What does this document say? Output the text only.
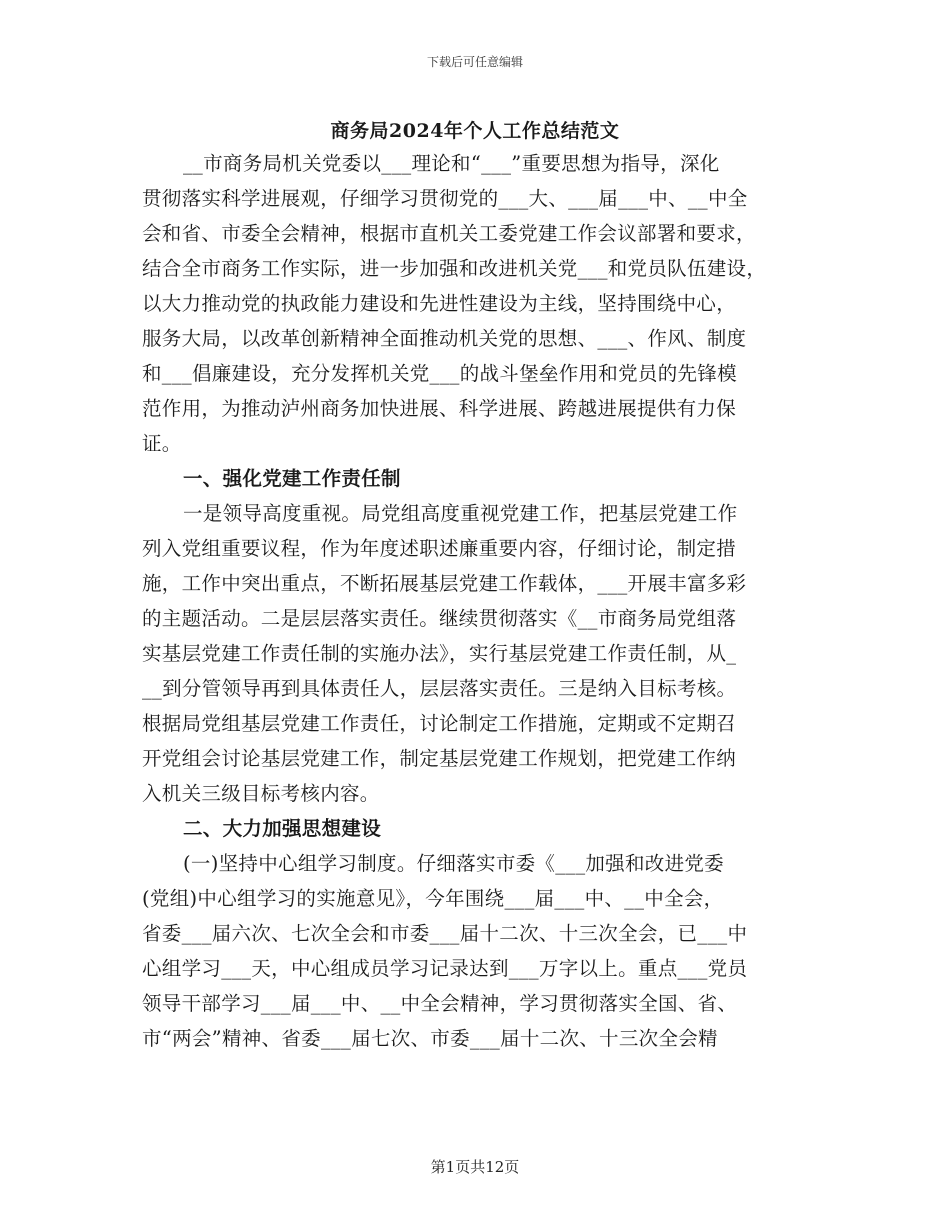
下载后可任意编辑
商务局2024年个人工作总结范文
__市商务局机关党委以___理论和“___”重要思想为指导，深化
贯彻落实科学进展观，仔细学习贯彻党的___大、___届___中、__中全
会和省、市委全会精神，根据市直机关工委党建工作会议部署和要求，
结合全市商务工作实际，进一步加强和改进机关党___和党员队伍建设，
以大力推动党的执政能力建设和先进性建设为主线，坚持围绕中心，
服务大局，以改革创新精神全面推动机关党的思想、___、作风、制度
和___倡廉建设，充分发挥机关党___的战斗堡垒作用和党员的先锋模
范作用，为推动泸州商务加快进展、科学进展、跨越进展提供有力保
证。
一、强化党建工作责任制
一是领导高度重视。局党组高度重视党建工作，把基层党建工作
列入党组重要议程，作为年度述职述廉重要内容，仔细讨论，制定措
施，工作中突出重点，不断拓展基层党建工作载体，___开展丰富多彩
的主题活动。二是层层落实责任。继续贯彻落实《__市商务局党组落
实基层党建工作责任制的实施办法》，实行基层党建工作责任制，从_
__到分管领导再到具体责任人，层层落实责任。三是纳入目标考核。
根据局党组基层党建工作责任，讨论制定工作措施，定期或不定期召
开党组会讨论基层党建工作，制定基层党建工作规划，把党建工作纳
入机关三级目标考核内容。
二、大力加强思想建设
(一)坚持中心组学习制度。仔细落实市委《___加强和改进党委
(党组)中心组学习的实施意见》，今年围绕___届___中、__中全会，
省委___届六次、七次全会和市委___届十二次、十三次全会，已___中
心组学习___天，中心组成员学习记录达到___万字以上。重点___党员
领导干部学习___届___中、__中全会精神，学习贯彻落实全国、省、
市“两会”精神、省委___届七次、市委___届十二次、十三次全会精
第1页共12页
